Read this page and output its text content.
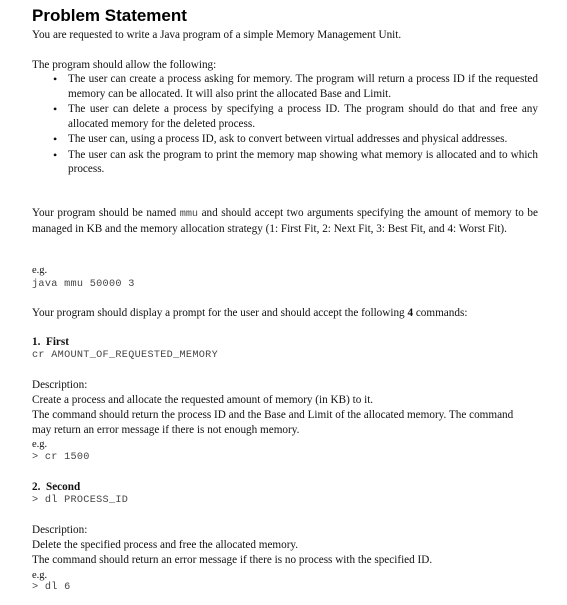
Problem Statement
You are requested to write a Java program of a simple Memory Management Unit.
The program should allow the following:
• The user can create a process asking for memory. The program will return a process ID if the requested memory can be allocated. It will also print the allocated Base and Limit.
• The user can delete a process by specifying a process ID. The program should do that and free any allocated memory for the deleted process.
• The user can, using a process ID, ask to convert between virtual addresses and physical addresses.
• The user can ask the program to print the memory map showing what memory is allocated and to which process.
Your program should be named mmu and should accept two arguments specifying the amount of memory to be managed in KB and the memory allocation strategy (1: First Fit, 2: Next Fit, 3: Best Fit, and 4: Worst Fit).
e.g.
java mmu 50000 3
Your program should display a prompt for the user and should accept the following 4 commands:
1.  First
cr AMOUNT_OF_REQUESTED_MEMORY
Description:
Create a process and allocate the requested amount of memory (in KB) to it.
The command should return the process ID and the Base and Limit of the allocated memory. The command may return an error message if there is not enough memory.
e.g.
> cr 1500
2.  Second
> dl PROCESS_ID
Description:
Delete the specified process and free the allocated memory.
The command should return an error message if there is no process with the specified ID.
e.g.
> dl 6
